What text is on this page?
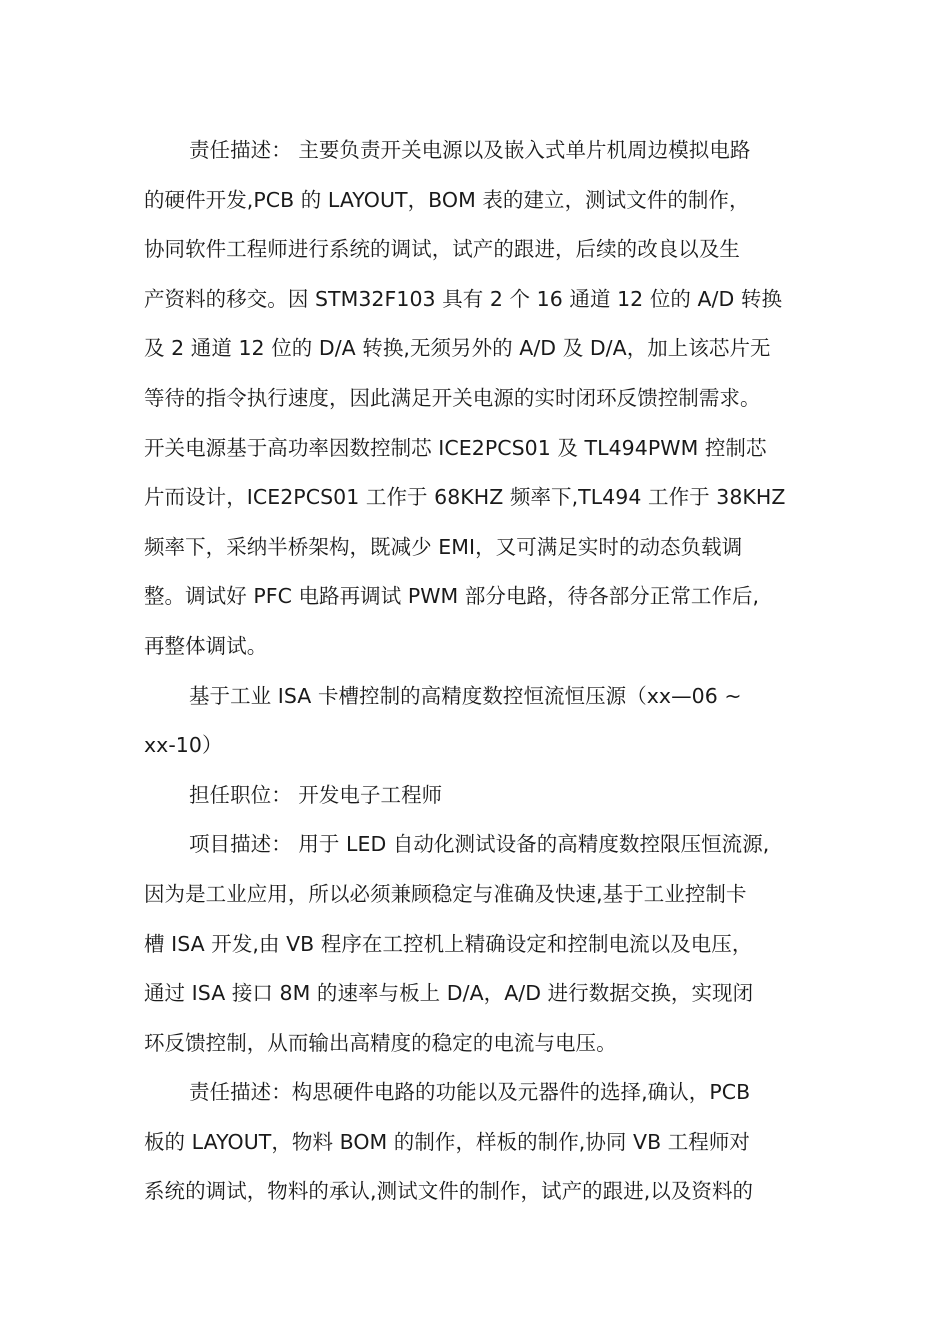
责任描述： 主要负责开关电源以及嵌入式单片机周边模拟电路
的硬件开发,PCB 的 LAYOUT，BOM 表的建立，测试文件的制作，
协同软件工程师进行系统的调试，试产的跟进，后续的改良以及生
产资料的移交。因 STM32F103 具有 2 个 16 通道 12 位的 A/D 转换
及 2 通道 12 位的 D/A 转换,无须另外的 A/D 及 D/A，加上该芯片无
等待的指令执行速度，因此满足开关电源的实时闭环反馈控制需求。
开关电源基于高功率因数控制芯 ICE2PCS01 及 TL494PWM 控制芯
片而设计，ICE2PCS01 工作于 68KHZ 频率下,TL494 工作于 38KHZ
频率下，采纳半桥架构，既减少 EMI，又可满足实时的动态负载调
整。调试好 PFC 电路再调试 PWM 部分电路，待各部分正常工作后,
再整体调试。
基于工业 ISA 卡槽控制的高精度数控恒流恒压源（xx—06 ~
xx-10）
担任职位： 开发电子工程师
项目描述： 用于 LED 自动化测试设备的高精度数控限压恒流源,
因为是工业应用，所以必须兼顾稳定与准确及快速,基于工业控制卡
槽 ISA 开发,由 VB 程序在工控机上精确设定和控制电流以及电压，
通过 ISA 接口 8M 的速率与板上 D/A，A/D 进行数据交换，实现闭
环反馈控制，从而输出高精度的稳定的电流与电压。
责任描述：构思硬件电路的功能以及元器件的选择,确认，PCB
板的 LAYOUT，物料 BOM 的制作，样板的制作,协同 VB 工程师对
系统的调试，物料的承认,测试文件的制作，试产的跟进,以及资料的
